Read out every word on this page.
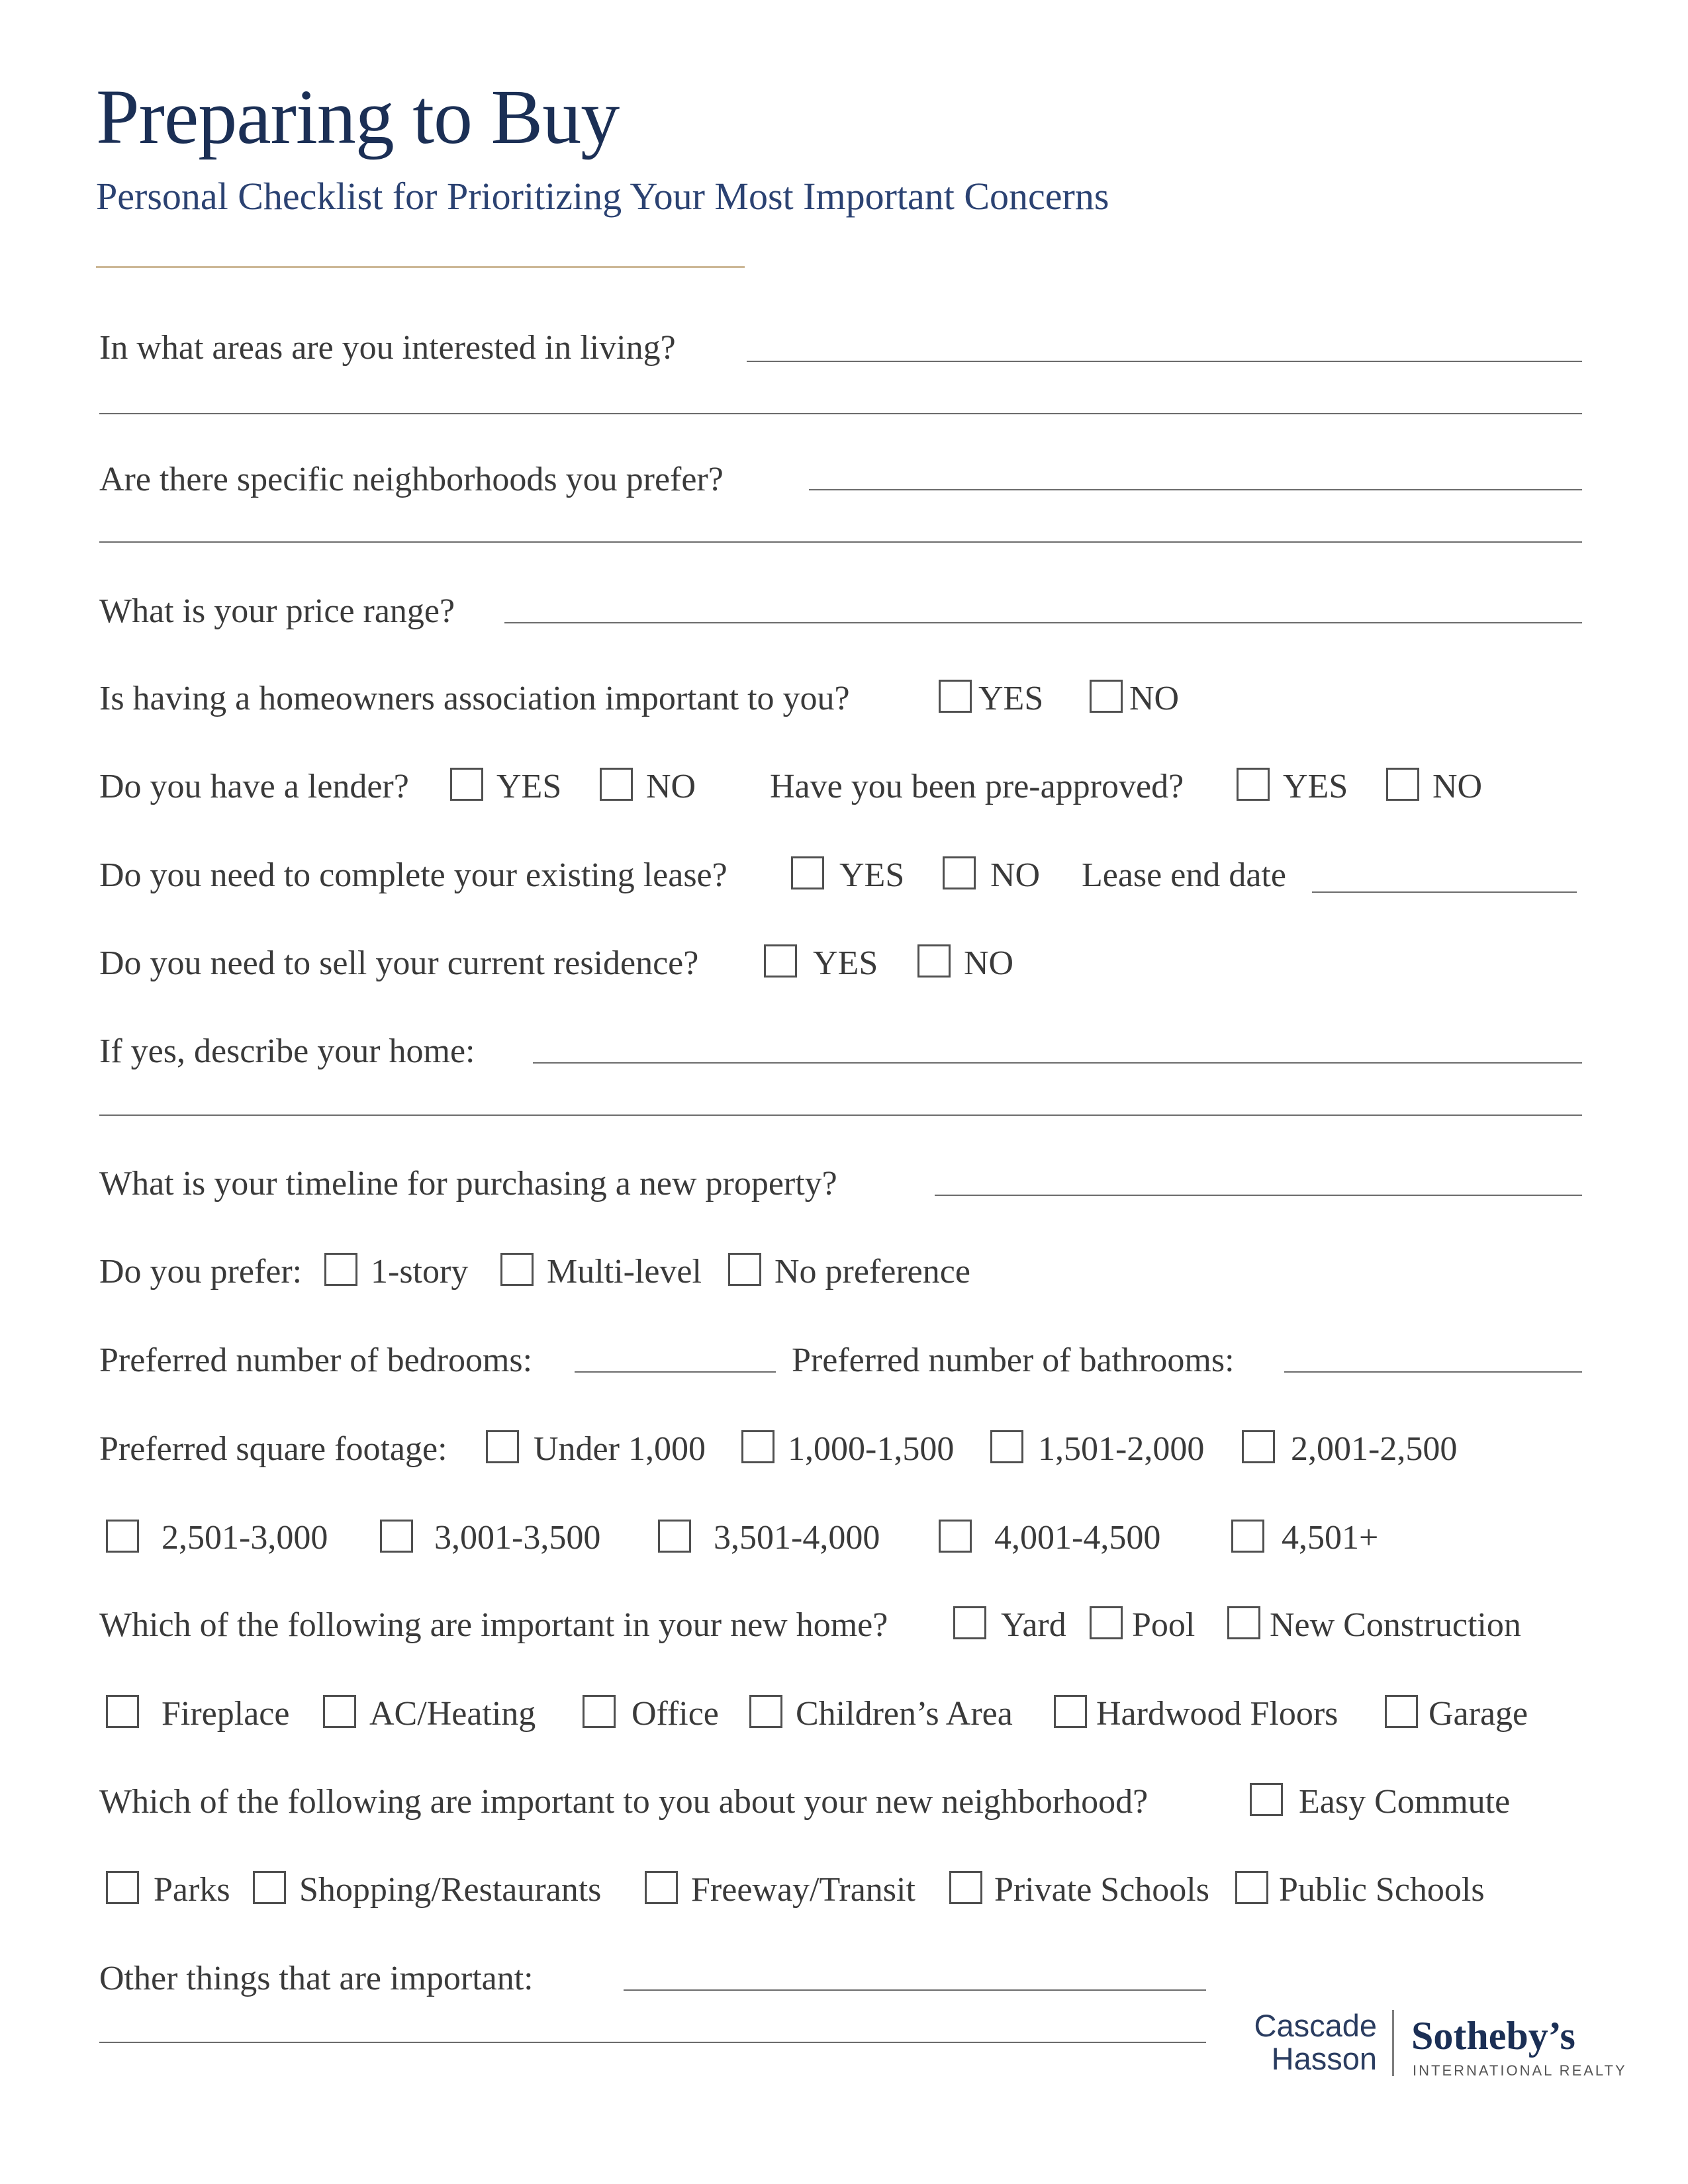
Preparing to Buy
Personal Checklist for Prioritizing Your Most Important Concerns
In what areas are you interested in living?
Are there specific neighborhoods you prefer?
What is your price range?
Is having a homeowners association important to you?	YES NO
Do you have a lender?	YES NO Have you been pre-approved?	YES NO
Do you need to complete your existing lease?	YES NO Lease end date
Do you need to sell your current residence?	YES NO
If yes, describe your home:
What is your timeline for purchasing a new property?
Do you prefer: 1-story Multi-level No preference
Preferred number of bedrooms:	Preferred number of bathrooms:
Preferred square footage:	Under 1,000 1,000-1,500 1,501-2,000	2,001-2,500
2,501-3,000	3,001-3,500	3,501-4,000	4,001-4,500	4,501+
Which of the following are important in your new home?	Yard Pool New Construction
Fireplace AC/Heating	Office Children’s Area Hardwood Floors	Garage
Which of the following are important to you about your new neighborhood?	Easy Commute
Parks Shopping/Restaurants	Freeway/Transit Private Schools Public Schools
Other things that are important:
Cascade
Hasson
Sotheby’s
INTERNATIONAL REALTY
